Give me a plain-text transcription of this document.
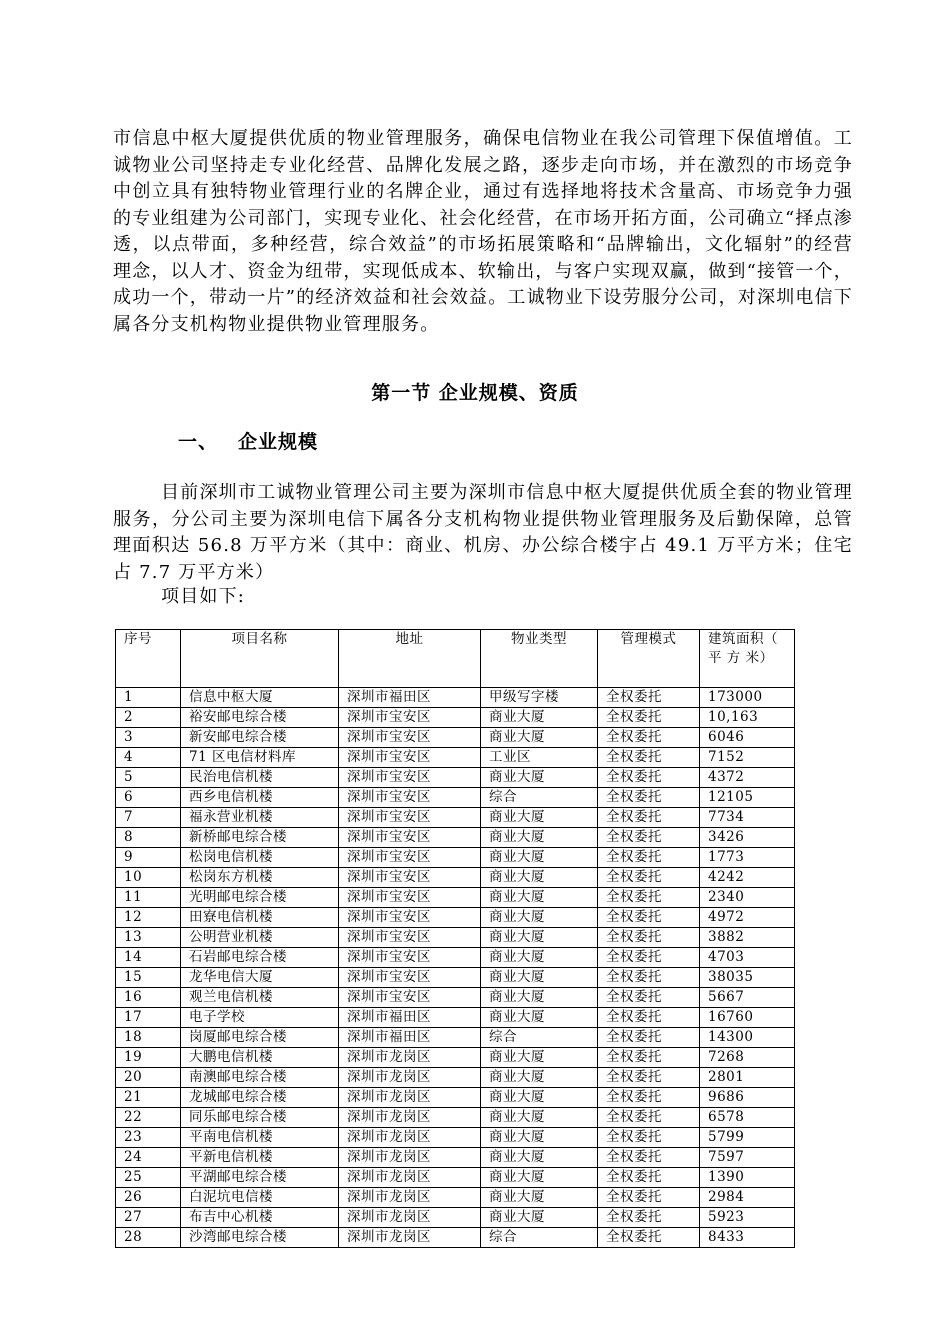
市信息中枢大厦提供优质的物业管理服务，确保电信物业在我公司管理下保值增值。工诚物业公司坚持走专业化经营、品牌化发展之路，逐步走向市场，并在激烈的市场竞争中创立具有独特物业管理行业的名牌企业，通过有选择地将技术含量高、市场竞争力强的专业组建为公司部门，实现专业化、社会化经营，在市场开拓方面，公司确立“择点渗透，以点带面，多种经营，综合效益”的市场拓展策略和“品牌输出，文化辐射”的经营理念，以人才、资金为纽带，实现低成本、软输出，与客户实现双赢，做到“接管一个，成功一个，带动一片”的经济效益和社会效益。工诚物业下设劳服分公司，对深圳电信下属各分支机构物业提供物业管理服务。

第一节 企业规模、资质
一、 企业规模

目前深圳市工诚物业管理公司主要为深圳市信息中枢大厦提供优质全套的物业管理服务，分公司主要为深圳电信下属各分支机构物业提供物业管理服务及后勤保障，总管理面积达 56.8 万平方米（其中：商业、机房、办公综合楼宇占 49.1 万平方米；住宅占 7.7 万平方米）

项目如下:

序号	项目名称	地址	物业类型	管理模式	建筑面积（ 平 方 米）

1	信息中枢大厦	深圳市福田区	甲级写字楼	全权委托	173000
2	裕安邮电综合楼	深圳市宝安区	商业大厦	全权委托	10,163
3	新安邮电综合楼	深圳市宝安区	商业大厦	全权委托	6046
4	71 区电信材料库	深圳市宝安区	工业区	全权委托	7152
5	民治电信机楼	深圳市宝安区	商业大厦	全权委托	4372
6	西乡电信机楼	深圳市宝安区	综合	全权委托	12105
7	福永营业机楼	深圳市宝安区	商业大厦	全权委托	7734
8	新桥邮电综合楼	深圳市宝安区	商业大厦	全权委托	3426
9	松岗电信机楼	深圳市宝安区	商业大厦	全权委托	1773
10	松岗东方机楼	深圳市宝安区	商业大厦	全权委托	4242
11	光明邮电综合楼	深圳市宝安区	商业大厦	全权委托	2340
12	田寮电信机楼	深圳市宝安区	商业大厦	全权委托	4972
13	公明营业机楼	深圳市宝安区	商业大厦	全权委托	3882
14	石岩邮电综合楼	深圳市宝安区	商业大厦	全权委托	4703
15	龙华电信大厦	深圳市宝安区	商业大厦	全权委托	38035
16	观兰电信机楼	深圳市宝安区	商业大厦	全权委托	5667
17	电子学校	深圳市福田区	商业大厦	全权委托	16760
18	岗厦邮电综合楼	深圳市福田区	综合	全权委托	14300
19	大鹏电信机楼	深圳市龙岗区	商业大厦	全权委托	7268
20	南澳邮电综合楼	深圳市龙岗区	商业大厦	全权委托	2801
21	龙城邮电综合楼	深圳市龙岗区	商业大厦	全权委托	9686
22	同乐邮电综合楼	深圳市龙岗区	商业大厦	全权委托	6578
23	平南电信机楼	深圳市龙岗区	商业大厦	全权委托	5799
24	平新电信机楼	深圳市龙岗区	商业大厦	全权委托	7597
25	平湖邮电综合楼	深圳市龙岗区	商业大厦	全权委托	1390
26	白泥坑电信楼	深圳市龙岗区	商业大厦	全权委托	2984
27	布吉中心机楼	深圳市龙岗区	商业大厦	全权委托	5923
28	沙湾邮电综合楼	深圳市龙岗区	综合	全权委托	8433
